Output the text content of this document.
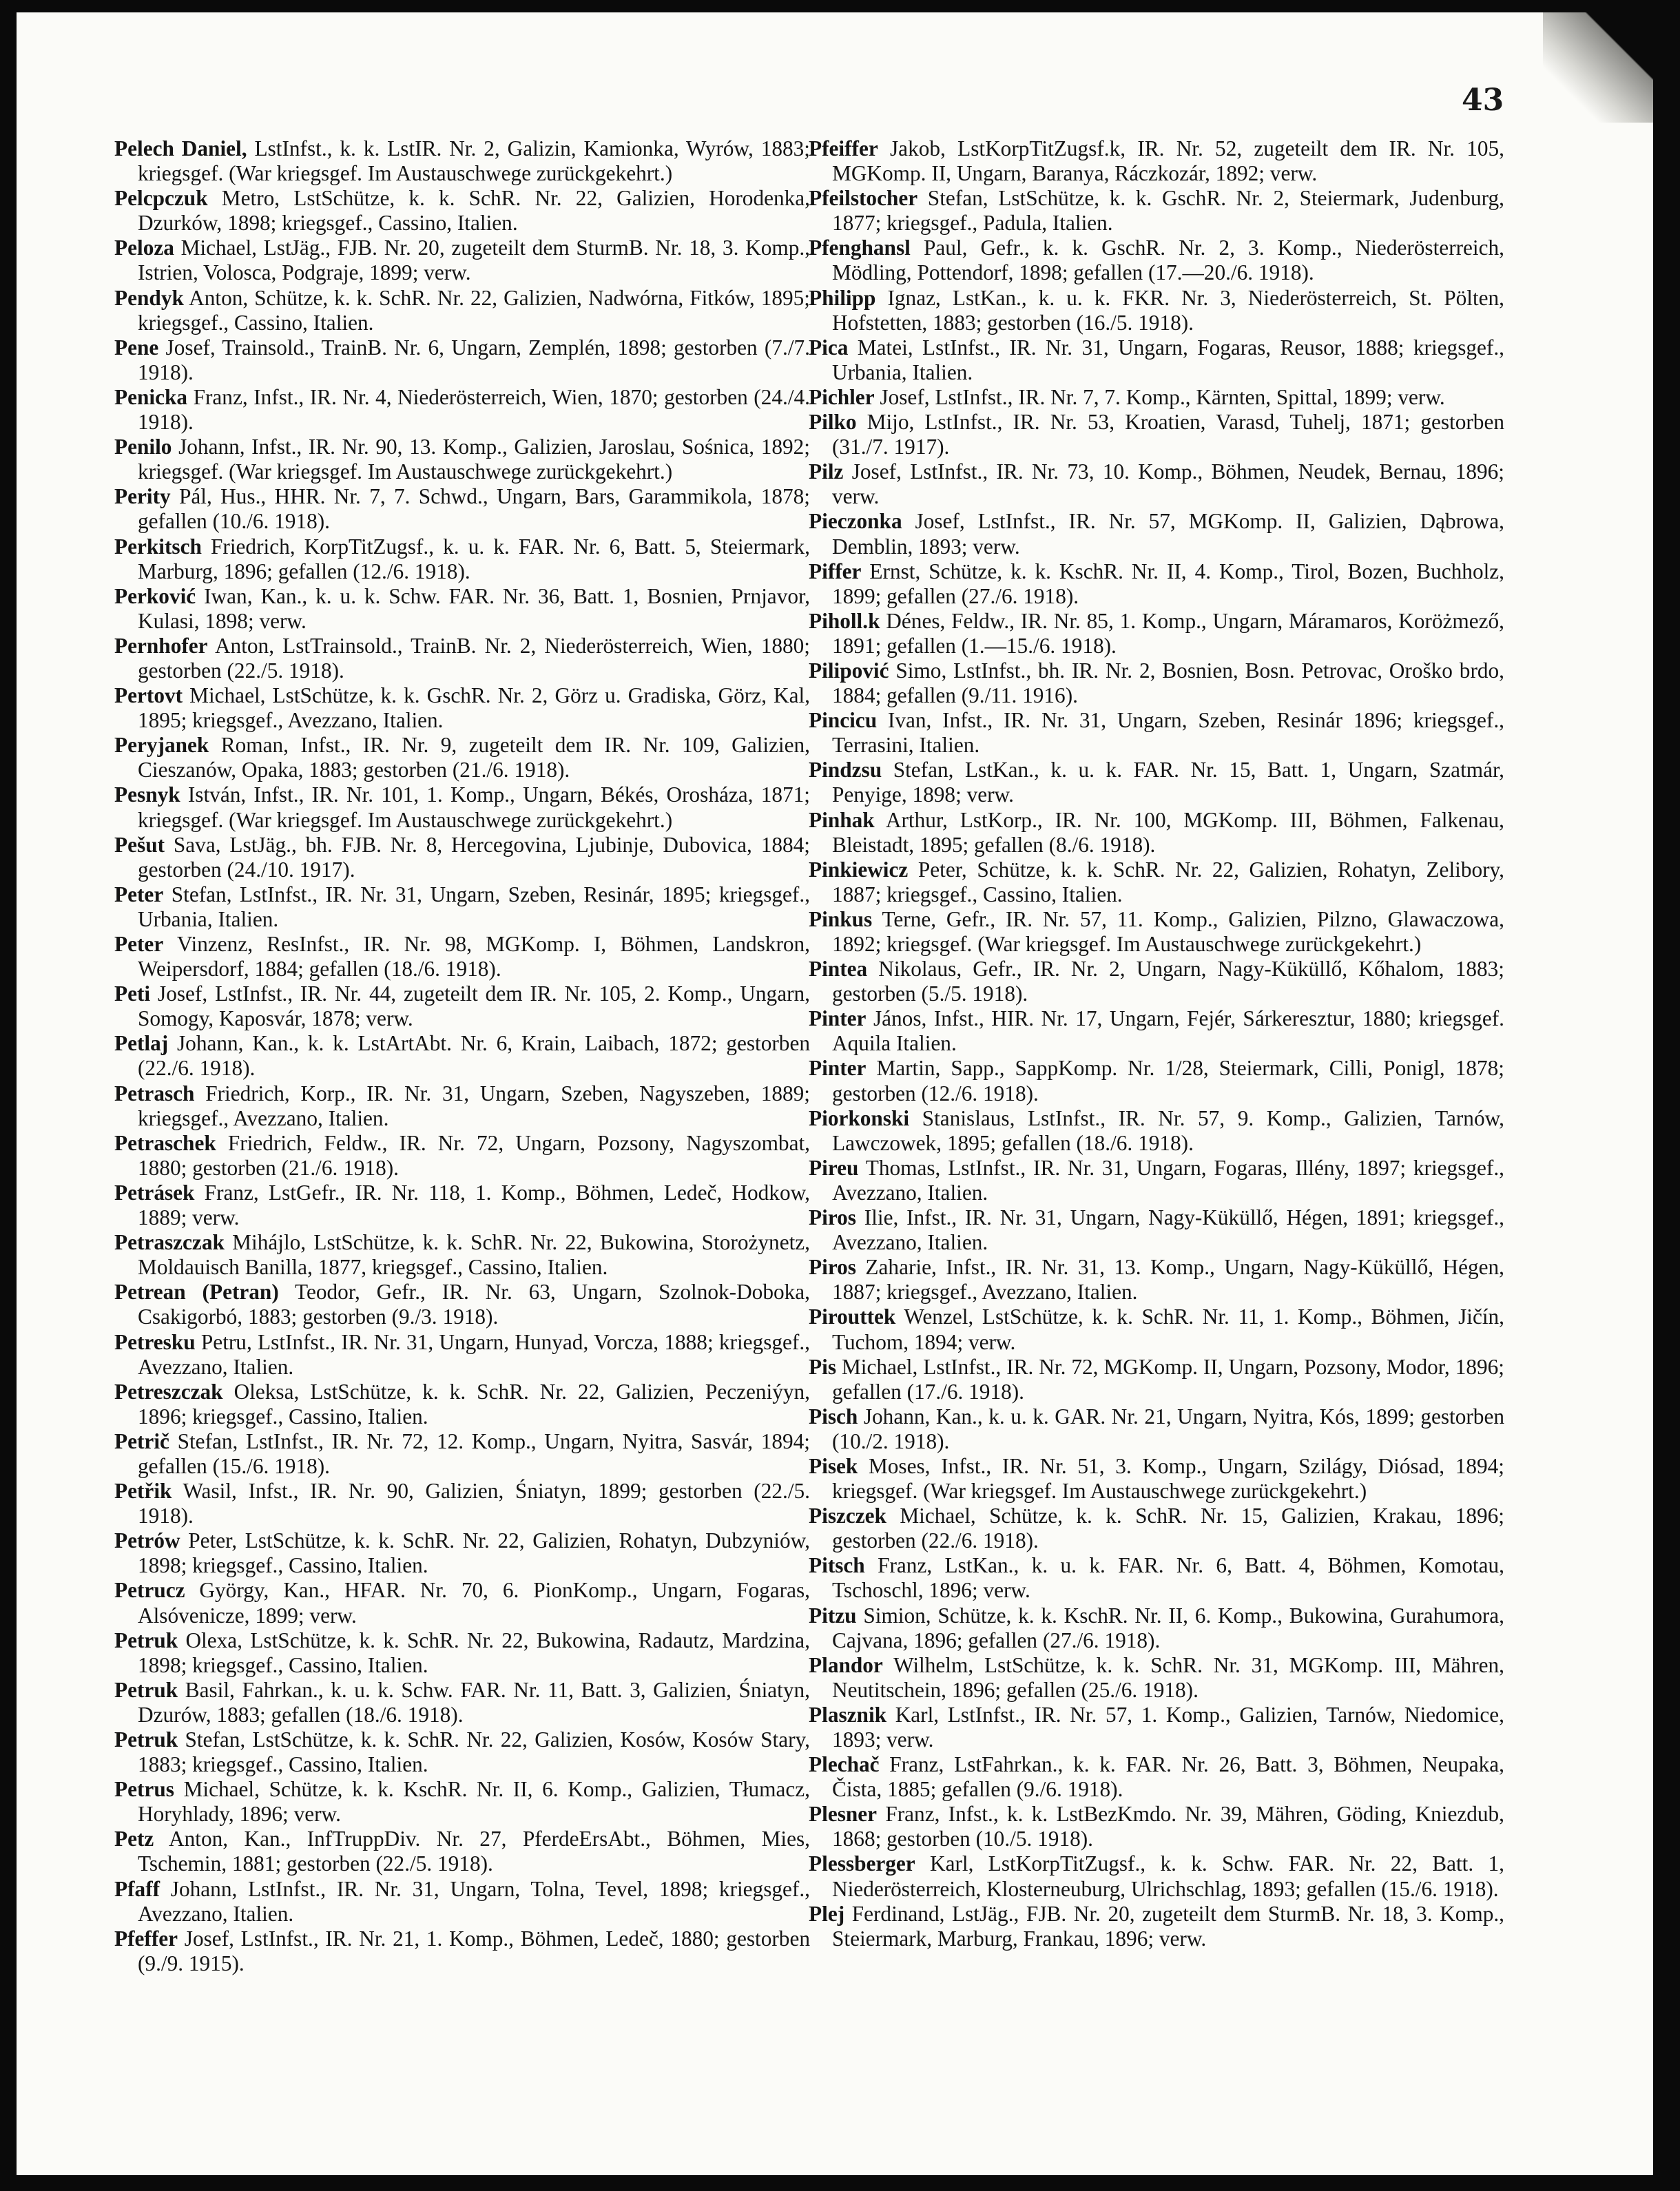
43

Pelech Daniel, LstInfst., k. k. LstIR. Nr. 2, Galizin, Kamionka, Wyrów, 1883; kriegsgef. (War kriegsgef. Im Austauschwege zurückgekehrt.)

Pelcpczuk Metro, LstSchütze, k. k. SchR. Nr. 22, Galizien, Horodenka, Dzurków, 1898; kriegsgef., Cassino, Italien.

Peloza Michael, LstJäg., FJB. Nr. 20, zugeteilt dem SturmB. Nr. 18, 3. Komp., Istrien, Volosca, Podgraje, 1899; verw.

Pendyk Anton, Schütze, k. k. SchR. Nr. 22, Galizien, Nadwórna, Fitków, 1895; kriegsgef., Cassino, Italien.

Pene Josef, Trainsold., TrainB. Nr. 6, Ungarn, Zemplén, 1898; gestorben (7./7. 1918).

Penicka Franz, Infst., IR. Nr. 4, Niederösterreich, Wien, 1870; gestorben (24./4. 1918).

Penilo Johann, Infst., IR. Nr. 90, 13. Komp., Galizien, Jaroslau, Sośnica, 1892; kriegsgef. (War kriegsgef. Im Austauschwege zurückgekehrt.)

Perity Pál, Hus., HHR. Nr. 7, 7. Schwd., Ungarn, Bars, Garammikola, 1878; gefallen (10./6. 1918).

Perkitsch Friedrich, KorpTitZugsf., k. u. k. FAR. Nr. 6, Batt. 5, Steiermark, Marburg, 1896; gefallen (12./6. 1918).

Perković Iwan, Kan., k. u. k. Schw. FAR. Nr. 36, Batt. 1, Bosnien, Prnjavor, Kulasi, 1898; verw.

Pernhofer Anton, LstTrainsold., TrainB. Nr. 2, Niederösterreich, Wien, 1880; gestorben (22./5. 1918).

Pertovt Michael, LstSchütze, k. k. GschR. Nr. 2, Görz u. Gradiska, Görz, Kal, 1895; kriegsgef., Avezzano, Italien.

Peryjanek Roman, Infst., IR. Nr. 9, zugeteilt dem IR. Nr. 109, Galizien, Cieszanów, Opaka, 1883; gestorben (21./6. 1918).

Pesnyk István, Infst., IR. Nr. 101, 1. Komp., Ungarn, Békés, Orosháza, 1871; kriegsgef. (War kriegsgef. Im Austauschwege zurückgekehrt.)

Pešut Sava, LstJäg., bh. FJB. Nr. 8, Hercegovina, Ljubinje, Dubovica, 1884; gestorben (24./10. 1917).

Peter Stefan, LstInfst., IR. Nr. 31, Ungarn, Szeben, Resinár, 1895; kriegsgef., Urbania, Italien.

Peter Vinzenz, ResInfst., IR. Nr. 98, MGKomp. I, Böhmen, Landskron, Weipersdorf, 1884; gefallen (18./6. 1918).

Peti Josef, LstInfst., IR. Nr. 44, zugeteilt dem IR. Nr. 105, 2. Komp., Ungarn, Somogy, Kaposvár, 1878; verw.

Petlaj Johann, Kan., k. k. LstArtAbt. Nr. 6, Krain, Laibach, 1872; gestorben (22./6. 1918).

Petrasch Friedrich, Korp., IR. Nr. 31, Ungarn, Szeben, Nagyszeben, 1889; kriegsgef., Avezzano, Italien.

Petraschek Friedrich, Feldw., IR. Nr. 72, Ungarn, Pozsony, Nagyszombat, 1880; gestorben (21./6. 1918).

Petrásek Franz, LstGefr., IR. Nr. 118, 1. Komp., Böhmen, Ledeč, Hodkow, 1889; verw.

Petraszczak Mihájlo, LstSchütze, k. k. SchR. Nr. 22, Bukowina, Storożynetz, Moldauisch Banilla, 1877, kriegsgef., Cassino, Italien.

Petrean (Petran) Teodor, Gefr., IR. Nr. 63, Ungarn, Szolnok-Doboka, Csakigorbó, 1883; gestorben (9./3. 1918).

Petresku Petru, LstInfst., IR. Nr. 31, Ungarn, Hunyad, Vorcza, 1888; kriegsgef., Avezzano, Italien.

Petreszczak Oleksa, LstSchütze, k. k. SchR. Nr. 22, Galizien, Peczeniýyn, 1896; kriegsgef., Cassino, Italien.

Petrič Stefan, LstInfst., IR. Nr. 72, 12. Komp., Ungarn, Nyitra, Sasvár, 1894; gefallen (15./6. 1918).

Petřik Wasil, Infst., IR. Nr. 90, Galizien, Śniatyn, 1899; gestorben (22./5. 1918).

Petrów Peter, LstSchütze, k. k. SchR. Nr. 22, Galizien, Rohatyn, Dubzyniów, 1898; kriegsgef., Cassino, Italien.

Petrucz György, Kan., HFAR. Nr. 70, 6. PionKomp., Ungarn, Fogaras, Alsóvenicze, 1899; verw.

Petruk Olexa, LstSchütze, k. k. SchR. Nr. 22, Bukowina, Radautz, Mardzina, 1898; kriegsgef., Cassino, Italien.

Petruk Basil, Fahrkan., k. u. k. Schw. FAR. Nr. 11, Batt. 3, Galizien, Śniatyn, Dzurów, 1883; gefallen (18./6. 1918).

Petruk Stefan, LstSchütze, k. k. SchR. Nr. 22, Galizien, Kosów, Kosów Stary, 1883; kriegsgef., Cassino, Italien.

Petrus Michael, Schütze, k. k. KschR. Nr. II, 6. Komp., Galizien, Tłumacz, Horyhlady, 1896; verw.

Petz Anton, Kan., InfTruppDiv. Nr. 27, PferdeErsAbt., Böhmen, Mies, Tschemin, 1881; gestorben (22./5. 1918).

Pfaff Johann, LstInfst., IR. Nr. 31, Ungarn, Tolna, Tevel, 1898; kriegsgef., Avezzano, Italien.

Pfeffer Josef, LstInfst., IR. Nr. 21, 1. Komp., Böhmen, Ledeč, 1880; gestorben (9./9. 1915).

Pfeiffer Jakob, LstKorpTitZugsf.k, IR. Nr. 52, zugeteilt dem IR. Nr. 105, MGKomp. II, Ungarn, Baranya, Ráczkozár, 1892; verw.

Pfeilstocher Stefan, LstSchütze, k. k. GschR. Nr. 2, Steiermark, Judenburg, 1877; kriegsgef., Padula, Italien.

Pfenghansl Paul, Gefr., k. k. GschR. Nr. 2, 3. Komp., Niederösterreich, Mödling, Pottendorf, 1898; gefallen (17.—20./6. 1918).

Philipp Ignaz, LstKan., k. u. k. FKR. Nr. 3, Niederösterreich, St. Pölten, Hofstetten, 1883; gestorben (16./5. 1918).

Pica Matei, LstInfst., IR. Nr. 31, Ungarn, Fogaras, Reusor, 1888; kriegsgef., Urbania, Italien.

Pichler Josef, LstInfst., IR. Nr. 7, 7. Komp., Kärnten, Spittal, 1899; verw.

Pilko Mijo, LstInfst., IR. Nr. 53, Kroatien, Varasd, Tuhelj, 1871; gestorben (31./7. 1917).

Pilz Josef, LstInfst., IR. Nr. 73, 10. Komp., Böhmen, Neudek, Bernau, 1896; verw.

Pieczonka Josef, LstInfst., IR. Nr. 57, MGKomp. II, Galizien, Dąbrowa, Demblin, 1893; verw.

Piffer Ernst, Schütze, k. k. KschR. Nr. II, 4. Komp., Tirol, Bozen, Buchholz, 1899; gefallen (27./6. 1918).

Piholl.k Dénes, Feldw., IR. Nr. 85, 1. Komp., Ungarn, Máramaros, Koröżmező, 1891; gefallen (1.—15./6. 1918).

Pilipović Simo, LstInfst., bh. IR. Nr. 2, Bosnien, Bosn. Petrovac, Oroško brdo, 1884; gefallen (9./11. 1916).

Pincicu Ivan, Infst., IR. Nr. 31, Ungarn, Szeben, Resinár 1896; kriegsgef., Terrasini, Italien.

Pindzsu Stefan, LstKan., k. u. k. FAR. Nr. 15, Batt. 1, Ungarn, Szatmár, Penyige, 1898; verw.

Pinhak Arthur, LstKorp., IR. Nr. 100, MGKomp. III, Böhmen, Falkenau, Bleistadt, 1895; gefallen (8./6. 1918).

Pinkiewicz Peter, Schütze, k. k. SchR. Nr. 22, Galizien, Rohatyn, Zelibory, 1887; kriegsgef., Cassino, Italien.

Pinkus Terne, Gefr., IR. Nr. 57, 11. Komp., Galizien, Pilzno, Glawaczowa, 1892; kriegsgef. (War kriegsgef. Im Austauschwege zurückgekehrt.)

Pintea Nikolaus, Gefr., IR. Nr. 2, Ungarn, Nagy-Küküllő, Kőhalom, 1883; gestorben (5./5. 1918).

Pinter János, Infst., HIR. Nr. 17, Ungarn, Fejér, Sárkeresztur, 1880; kriegsgef. Aquila Italien.

Pinter Martin, Sapp., SappKomp. Nr. 1/28, Steiermark, Cilli, Ponigl, 1878; gestorben (12./6. 1918).

Piorkonski Stanislaus, LstInfst., IR. Nr. 57, 9. Komp., Galizien, Tarnów, Lawczowek, 1895; gefallen (18./6. 1918).

Pireu Thomas, LstInfst., IR. Nr. 31, Ungarn, Fogaras, Illény, 1897; kriegsgef., Avezzano, Italien.

Piros Ilie, Infst., IR. Nr. 31, Ungarn, Nagy-Küküllő, Hégen, 1891; kriegsgef., Avezzano, Italien.

Piros Zaharie, Infst., IR. Nr. 31, 13. Komp., Ungarn, Nagy-Küküllő, Hégen, 1887; kriegsgef., Avezzano, Italien.

Pirouttek Wenzel, LstSchütze, k. k. SchR. Nr. 11, 1. Komp., Böhmen, Jičín, Tuchom, 1894; verw.

Pis Michael, LstInfst., IR. Nr. 72, MGKomp. II, Ungarn, Pozsony, Modor, 1896; gefallen (17./6. 1918).

Pisch Johann, Kan., k. u. k. GAR. Nr. 21, Ungarn, Nyitra, Kós, 1899; gestorben (10./2. 1918).

Pisek Moses, Infst., IR. Nr. 51, 3. Komp., Ungarn, Szilágy, Diósad, 1894; kriegsgef. (War kriegsgef. Im Austauschwege zurückgekehrt.)

Piszczek Michael, Schütze, k. k. SchR. Nr. 15, Galizien, Krakau, 1896; gestorben (22./6. 1918).

Pitsch Franz, LstKan., k. u. k. FAR. Nr. 6, Batt. 4, Böhmen, Komotau, Tschoschl, 1896; verw.

Pitzu Simion, Schütze, k. k. KschR. Nr. II, 6. Komp., Bukowina, Gurahumora, Cajvana, 1896; gefallen (27./6. 1918).

Plandor Wilhelm, LstSchütze, k. k. SchR. Nr. 31, MGKomp. III, Mähren, Neutitschein, 1896; gefallen (25./6. 1918).

Plasznik Karl, LstInfst., IR. Nr. 57, 1. Komp., Galizien, Tarnów, Niedomice, 1893; verw.

Plechač Franz, LstFahrkan., k. k. FAR. Nr. 26, Batt. 3, Böhmen, Neupaka, Čista, 1885; gefallen (9./6. 1918).

Plesner Franz, Infst., k. k. LstBezKmdo. Nr. 39, Mähren, Göding, Kniezdub, 1868; gestorben (10./5. 1918).

Plessberger Karl, LstKorpTitZugsf., k. k. Schw. FAR. Nr. 22, Batt. 1, Niederösterreich, Klosterneuburg, Ulrichschlag, 1893; gefallen (15./6. 1918).

Plej Ferdinand, LstJäg., FJB. Nr. 20, zugeteilt dem SturmB. Nr. 18, 3. Komp., Steiermark, Marburg, Frankau, 1896; verw.
